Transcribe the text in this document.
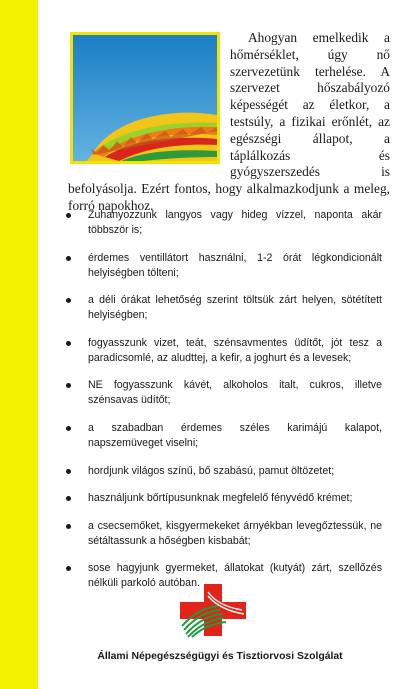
Ahogyan emelkedik a hőmérséklet, úgy nő szervezetünk terhelése. A szervezet hőszabályozó képességét az életkor, a testsúly, a fizikai erőnlét, az egészségi állapot, a táplálkozás és gyógyszerszedés is befolyásolja. Ezért fontos, hogy alkalmazkodjunk a meleg, forró napokhoz.

Zuhanyozzunk langyos vagy hideg vízzel, naponta akár többször is;
érdemes ventillátort használni, 1-2 órát légkondicionált helyiségben tölteni;
a déli órákat lehetőség szerint töltsük zárt helyen, sötétített helyiségben;
fogyasszunk vizet, teát, szénsavmentes üdítőt, jót tesz a paradicsomlé, az aludttej, a kefir, a joghurt és a levesek;
NE fogyasszunk kávét, alkoholos italt, cukros, illetve szénsavas üdítőt;
a szabadban érdemes széles karimájú kalapot, napszemüveget viselni;
hordjunk világos színű, bő szabású, pamut öltözetet;
használjunk bőrtípusunknak megfelelő fényvédő krémet;
a csecsemőket, kisgyermekeket árnyékban levegőztessük, ne sétáltassunk a hőségben kisbabát;
sose hagyjunk gyermeket, állatokat (kutyát) zárt, szellőzés nélküli parkoló autóban.
Állami Népegészségügyi és Tisztiorvosi Szolgálat
